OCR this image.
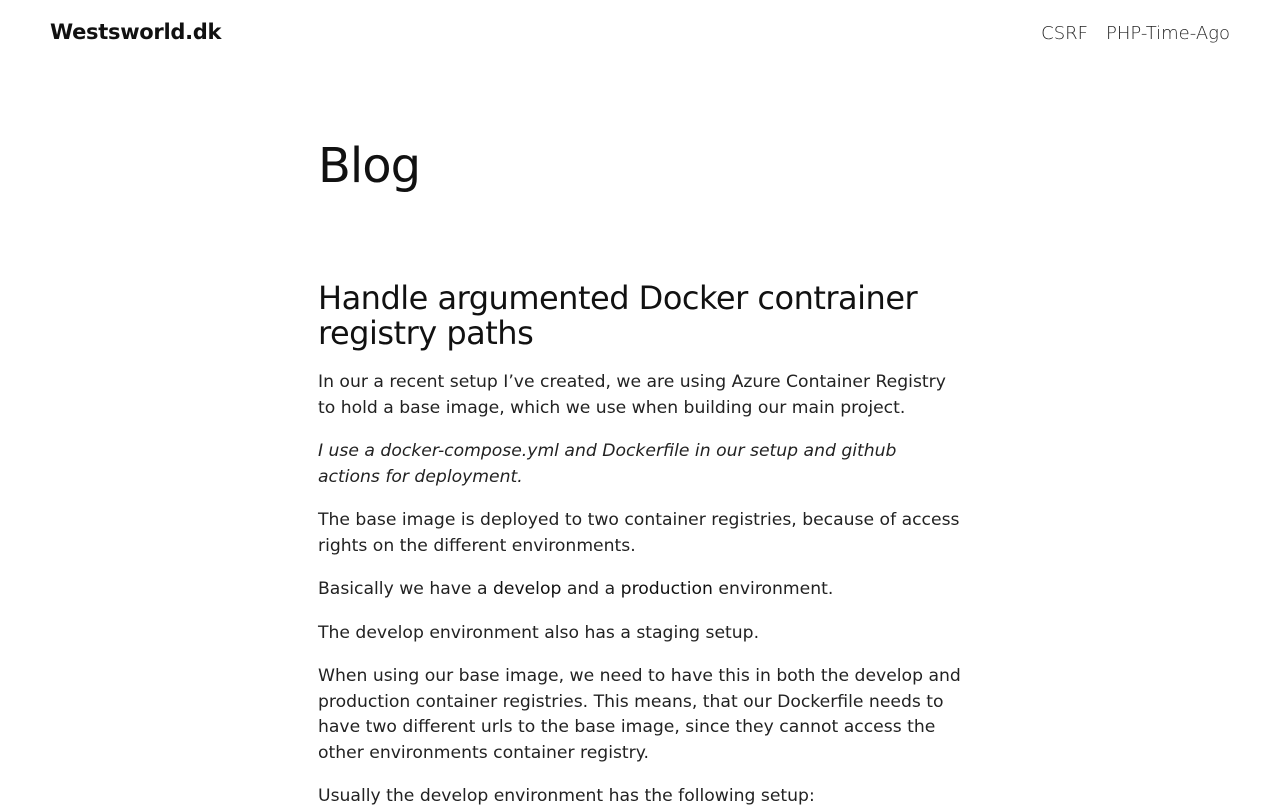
Westsworld.dk	CSRF PHP-Time-Ago
Blog
Handle argumented Docker contrainer registry paths

In our a recent setup I’ve created, we are using Azure Container Registry to hold a base image, which we use when building our main project.

I use a docker-compose.yml and Dockerfile in our setup and github actions for deployment.

The base image is deployed to two container registries, because of access rights on the different environments.

Basically we have a develop and a production environment.

The develop environment also has a staging setup.

When using our base image, we need to have this in both the develop and production container registries. This means, that our Dockerfile needs to have two different urls to the base image, since they cannot access the other environments container registry.

Usually the develop environment has the following setup:
